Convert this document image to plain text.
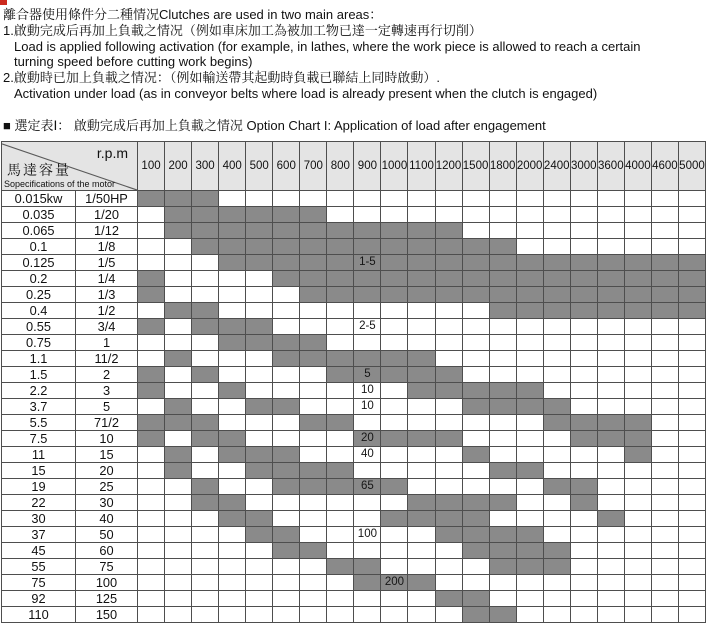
離合器使用條件分二種情况Clutches are used in two main areas：
1.啟動完成后再加上負載之情况（例如車床加工為被加工物已達一定轉速再行切削）
Load is applied following activation (for example, in lathes, where the work piece is allowed to reach a certain
turning speed before cutting work begins)
2.啟動時已加上負載之情况：（例如輸送帶其起動時負載已聯結上同時啟動）.
Activation under load (as in conveyor belts where load is already present when the clutch is engaged)
■ 選定表Ⅰ： 啟動完成后再加上負載之情况 Option Chart I: Application of load after engagement
r.p.m
馬達容量
Sopecifications of the motor		100	200	300	400	500	600	700	800	900	1000	1100	1200	1500	1800	2000	2400	3000	3600	4000	4600	5000
0.015kw	1/50HP																					
0.035	1/20																					
0.065	1/12																					
0.1	1/8																					
0.125	1/5									1-5												
0.2	1/4																					
0.25	1/3																					
0.4	1/2																					
0.55	3/4									2-5												
0.75	1																					
1.1	11/2																					
1.5	2									5												
2.2	3									10												
3.7	5									10												
5.5	71/2																					
7.5	10									20												
11	15									40												
15	20																					
19	25									65												
22	30																					
30	40																					
37	50									100												
45	60																					
55	75																					
75	100										200											
92	125																					
110	150																					
